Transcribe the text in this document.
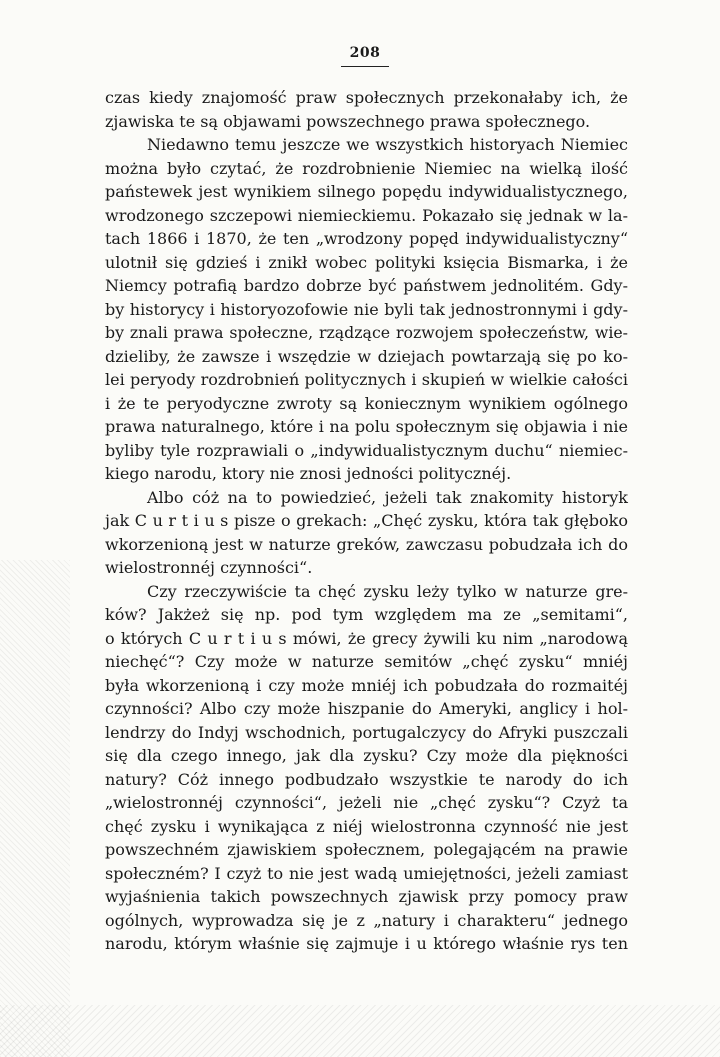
208
czas kiedy znajomość praw społecznych przekonałaby ich, że
zjawiska te są objawami powszechnego prawa społecznego.
Niedawno temu jeszcze we wszystkich historyach Niemiec
można było czytać, że rozdrobnienie Niemiec na wielką ilość
państewek jest wynikiem silnego popędu indywidualistycznego,
wrodzonego szczepowi niemieckiemu. Pokazało się jednak w la-
tach 1866 i 1870, że ten „wrodzony popęd indywidualistyczny“
ulotnił się gdzieś i znikł wobec polityki księcia Bismarka, i że
Niemcy potrafią bardzo dobrze być państwem jednolitém. Gdy-
by historycy i historyozofowie nie byli tak jednostronnymi i gdy-
by znali prawa społeczne, rządzące rozwojem społeczeństw, wie-
dzieliby, że zawsze i wszędzie w dziejach powtarzają się po ko-
lei peryody rozdrobnień politycznych i skupień w wielkie całości
i że te peryodyczne zwroty są koniecznym wynikiem ogólnego
prawa naturalnego, które i na polu społecznym się objawia i nie
byliby tyle rozprawiali o „indywidualistycznym duchu“ niemiec-
kiego narodu, ktory nie znosi jedności politycznéj.
Albo cóż na to powiedzieć, jeżeli tak znakomity historyk
jak C u r t i u s pisze o grekach: „Chęć zysku, która tak głęboko
wkorzenioną jest w naturze greków, zawczasu pobudzała ich do
wielostronnéj czynności“.
Czy rzeczywiście ta chęć zysku leży tylko w naturze gre-
ków? Jakżeż się np. pod tym względem ma ze „semitami“,
o których C u r t i u s mówi, że grecy żywili ku nim „narodową
niechęć“? Czy może w naturze semitów „chęć zysku“ mniéj
była wkorzenioną i czy może mniéj ich pobudzała do rozmaitéj
czynności? Albo czy może hiszpanie do Ameryki, anglicy i hol-
lendrzy do Indyj wschodnich, portugalczycy do Afryki puszczali
się dla czego innego, jak dla zysku? Czy może dla piękności
natury? Cóż innego podbudzało wszystkie te narody do ich
„wielostronnéj czynności“, jeżeli nie „chęć zysku“? Czyż ta
chęć zysku i wynikająca z niéj wielostronna czynność nie jest
powszechném zjawiskiem społecznem, polegającém na prawie
społeczném? I czyż to nie jest wadą umiejętności, jeżeli zamiast
wyjaśnienia takich powszechnych zjawisk przy pomocy praw
ogólnych, wyprowadza się je z „natury i charakteru“ jednego
narodu, którym właśnie się zajmuje i u którego właśnie rys ten
